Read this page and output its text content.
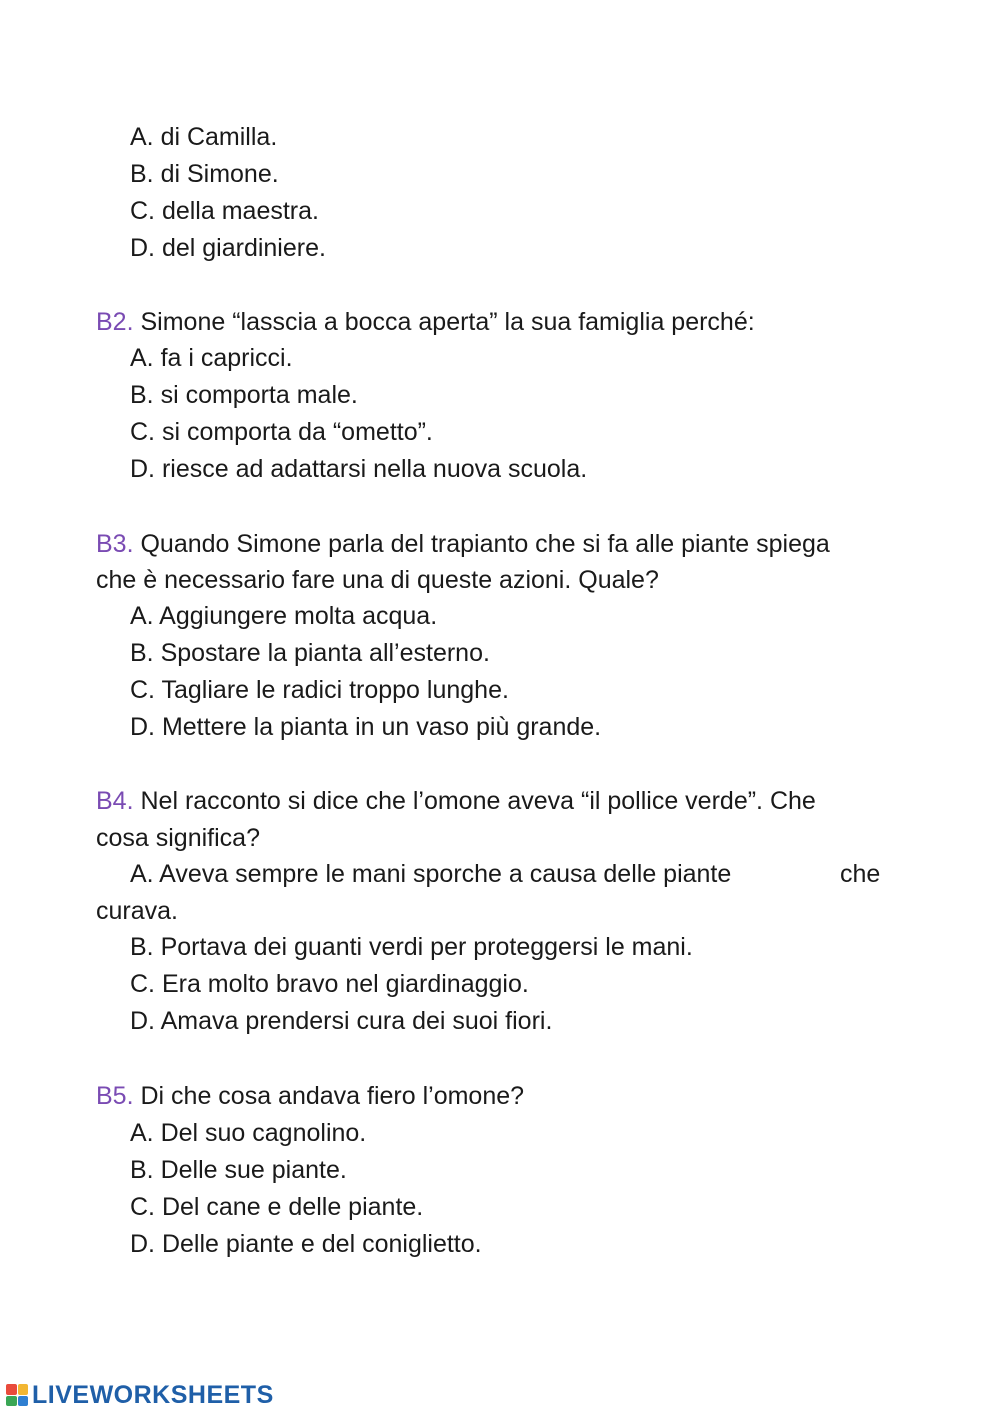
A. di Camilla.
B. di Simone.
C. della maestra.
D. del giardiniere.
B2. Simone “lasscia a bocca aperta” la sua famiglia perché:
A. fa i capricci.
B. si comporta male.
C. si comporta da “ometto”.
D. riesce ad adattarsi nella nuova scuola.
B3. Quando Simone parla del trapianto che si fa alle piante spiega
che è necessario fare una di queste azioni. Quale?
A. Aggiungere molta acqua.
B. Spostare la pianta all’esterno.
C. Tagliare le radici troppo lunghe.
D. Mettere la pianta in un vaso più grande.
B4. Nel racconto si dice che l’omone aveva “il pollice verde”. Che
cosa significa?
A. Aveva sempre le mani sporche a causa delle piante	che
curava.
B. Portava dei guanti verdi per proteggersi le mani.
C. Era molto bravo nel giardinaggio.
D. Amava prendersi cura dei suoi fiori.
B5. Di che cosa andava fiero l’omone?
A. Del suo cagnolino.
B. Delle sue piante.
C. Del cane e delle piante.
D. Delle piante e del coniglietto.
LIVEWORKSHEETS
